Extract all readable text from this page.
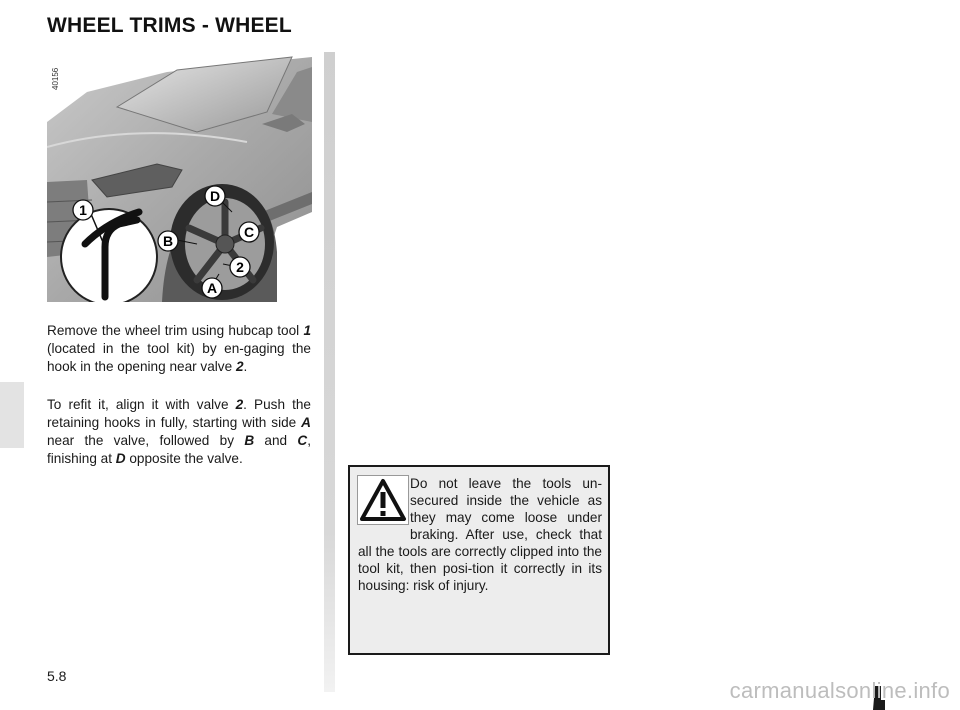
WHEEL TRIMS - WHEEL
1
D
C
B
2
A
40156
Remove the wheel trim using hubcap tool 1 (located in the tool kit) by en-gaging the hook in the opening near valve 2.
To refit it, align it with valve 2. Push the retaining hooks in fully, starting with side A near the valve, followed by B and C, finishing at D opposite the valve.
Do not leave the tools un-secured inside the vehicle as they may come loose under braking. After use, check that all the tools are correctly clipped into the tool kit, then posi-tion it correctly in its housing: risk of injury.
5.8
carmanualsonline.info
